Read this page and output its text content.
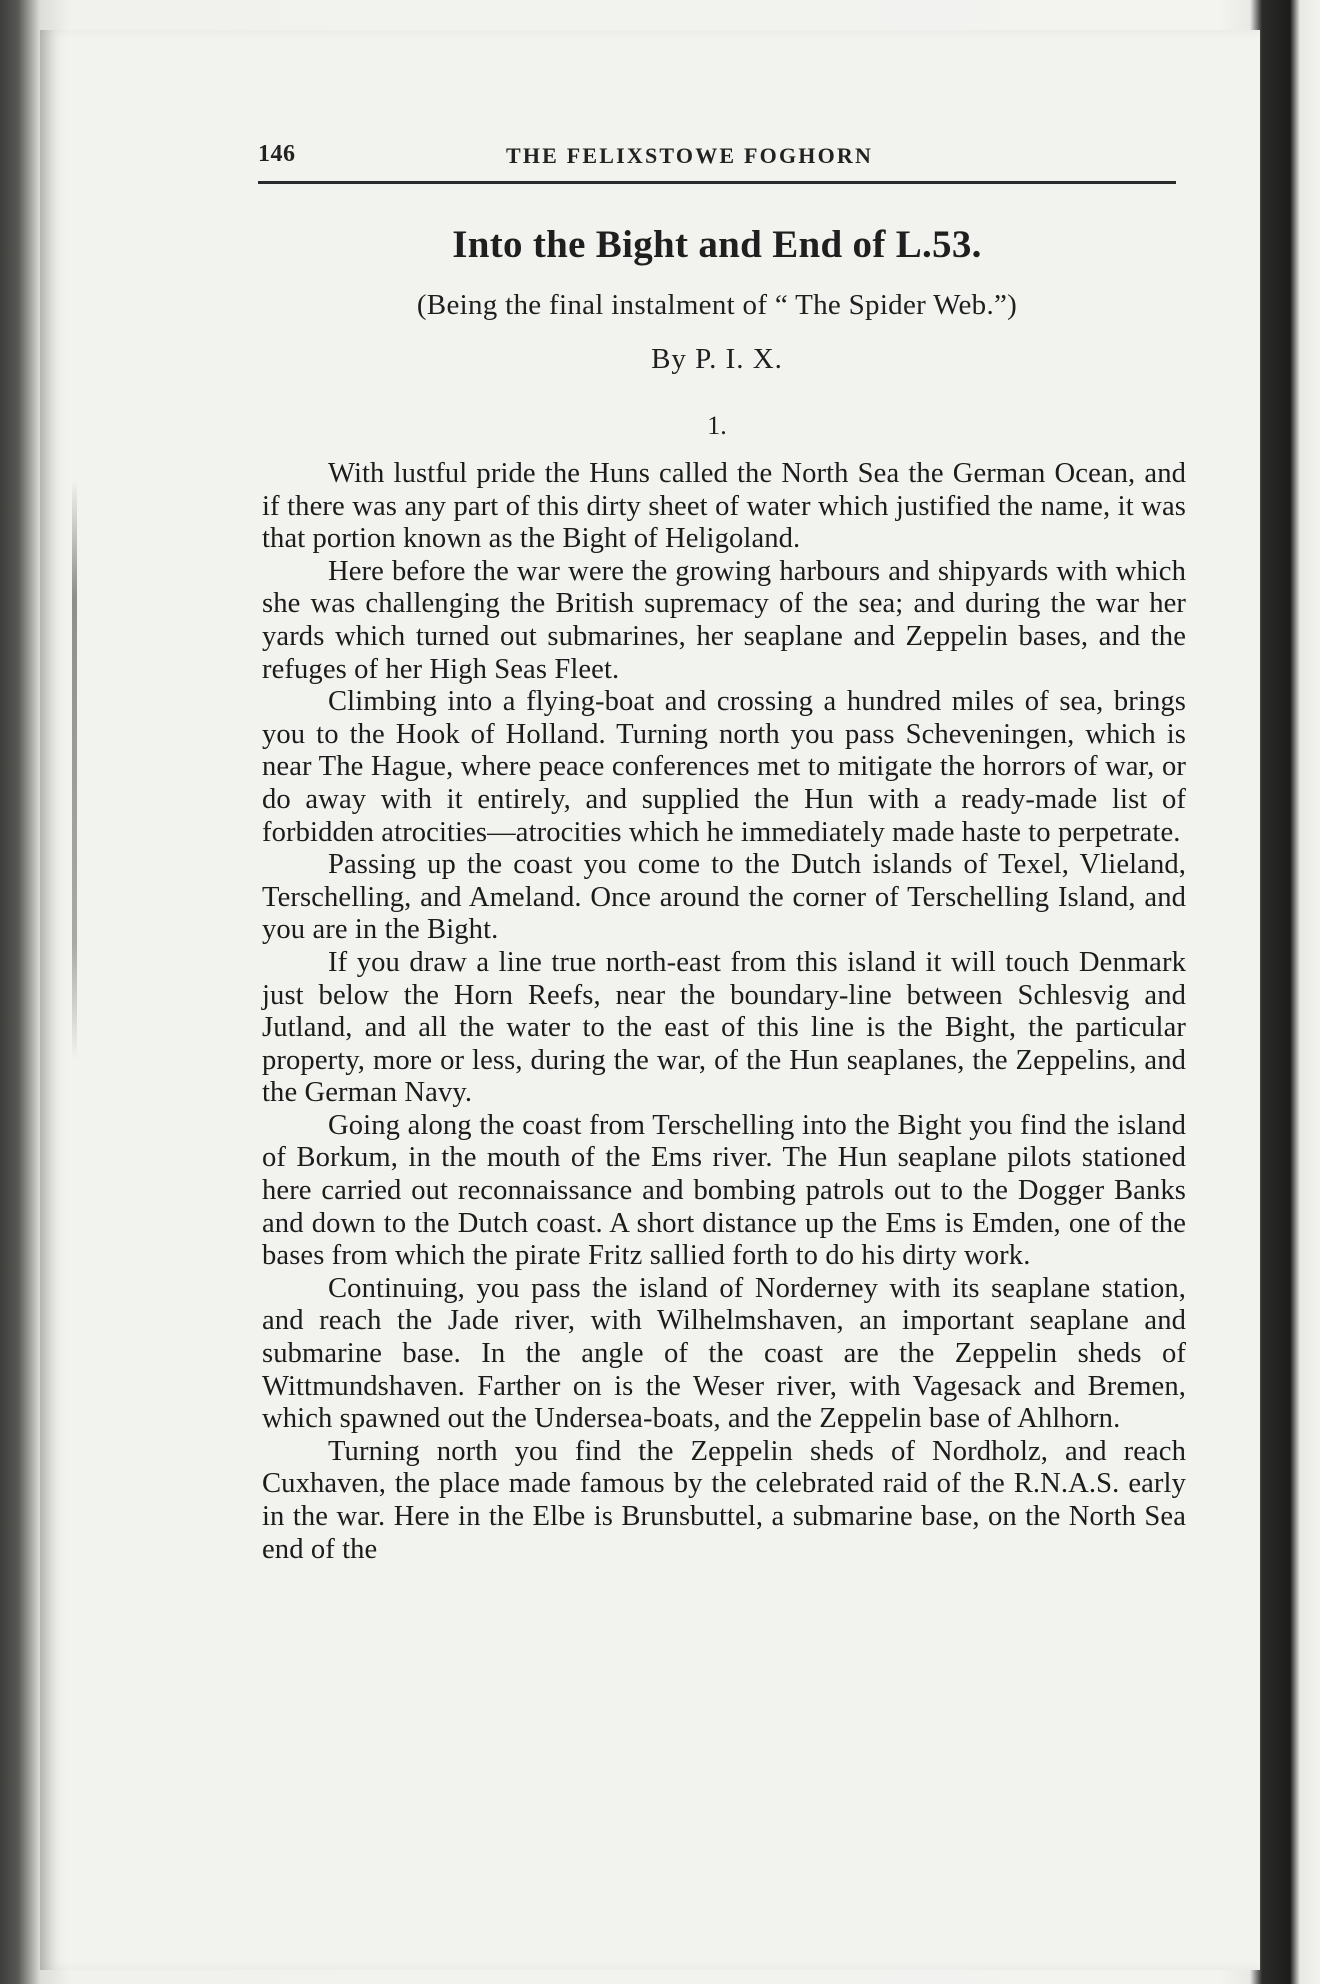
146	THE FELIXSTOWE FOGHORN
Into the Bight and End of L.53.
(Being the final instalment of “ The Spider Web.”)
By P. I. X.
1.

With lustful pride the Huns called the North Sea the German Ocean, and if there was any part of this dirty sheet of water which justified the name, it was that portion known as the Bight of Heligoland.

Here before the war were the growing harbours and shipyards with which she was challenging the British supremacy of the sea; and during the war her yards which turned out submarines, her seaplane and Zeppelin bases, and the refuges of her High Seas Fleet.

Climbing into a flying-boat and crossing a hundred miles of sea, brings you to the Hook of Holland. Turning north you pass Scheveningen, which is near The Hague, where peace conferences met to mitigate the horrors of war, or do away with it entirely, and supplied the Hun with a ready-made list of forbidden atrocities—atrocities which he immediately made haste to perpetrate.

Passing up the coast you come to the Dutch islands of Texel, Vlieland, Terschelling, and Ameland. Once around the corner of Terschelling Island, and you are in the Bight.

If you draw a line true north-east from this island it will touch Denmark just below the Horn Reefs, near the boundary-line between Schlesvig and Jutland, and all the water to the east of this line is the Bight, the particular property, more or less, during the war, of the Hun seaplanes, the Zeppelins, and the German Navy.

Going along the coast from Terschelling into the Bight you find the island of Borkum, in the mouth of the Ems river. The Hun seaplane pilots stationed here carried out reconnaissance and bombing patrols out to the Dogger Banks and down to the Dutch coast. A short distance up the Ems is Emden, one of the bases from which the pirate Fritz sallied forth to do his dirty work.

Continuing, you pass the island of Norderney with its seaplane station, and reach the Jade river, with Wilhelmshaven, an important seaplane and submarine base. In the angle of the coast are the Zeppelin sheds of Wittmundshaven. Farther on is the Weser river, with Vagesack and Bremen, which spawned out the Undersea-boats, and the Zeppelin base of Ahlhorn.

Turning north you find the Zeppelin sheds of Nordholz, and reach Cuxhaven, the place made famous by the celebrated raid of the R.N.A.S. early in the war. Here in the Elbe is Brunsbuttel, a submarine base, on the North Sea end of the
